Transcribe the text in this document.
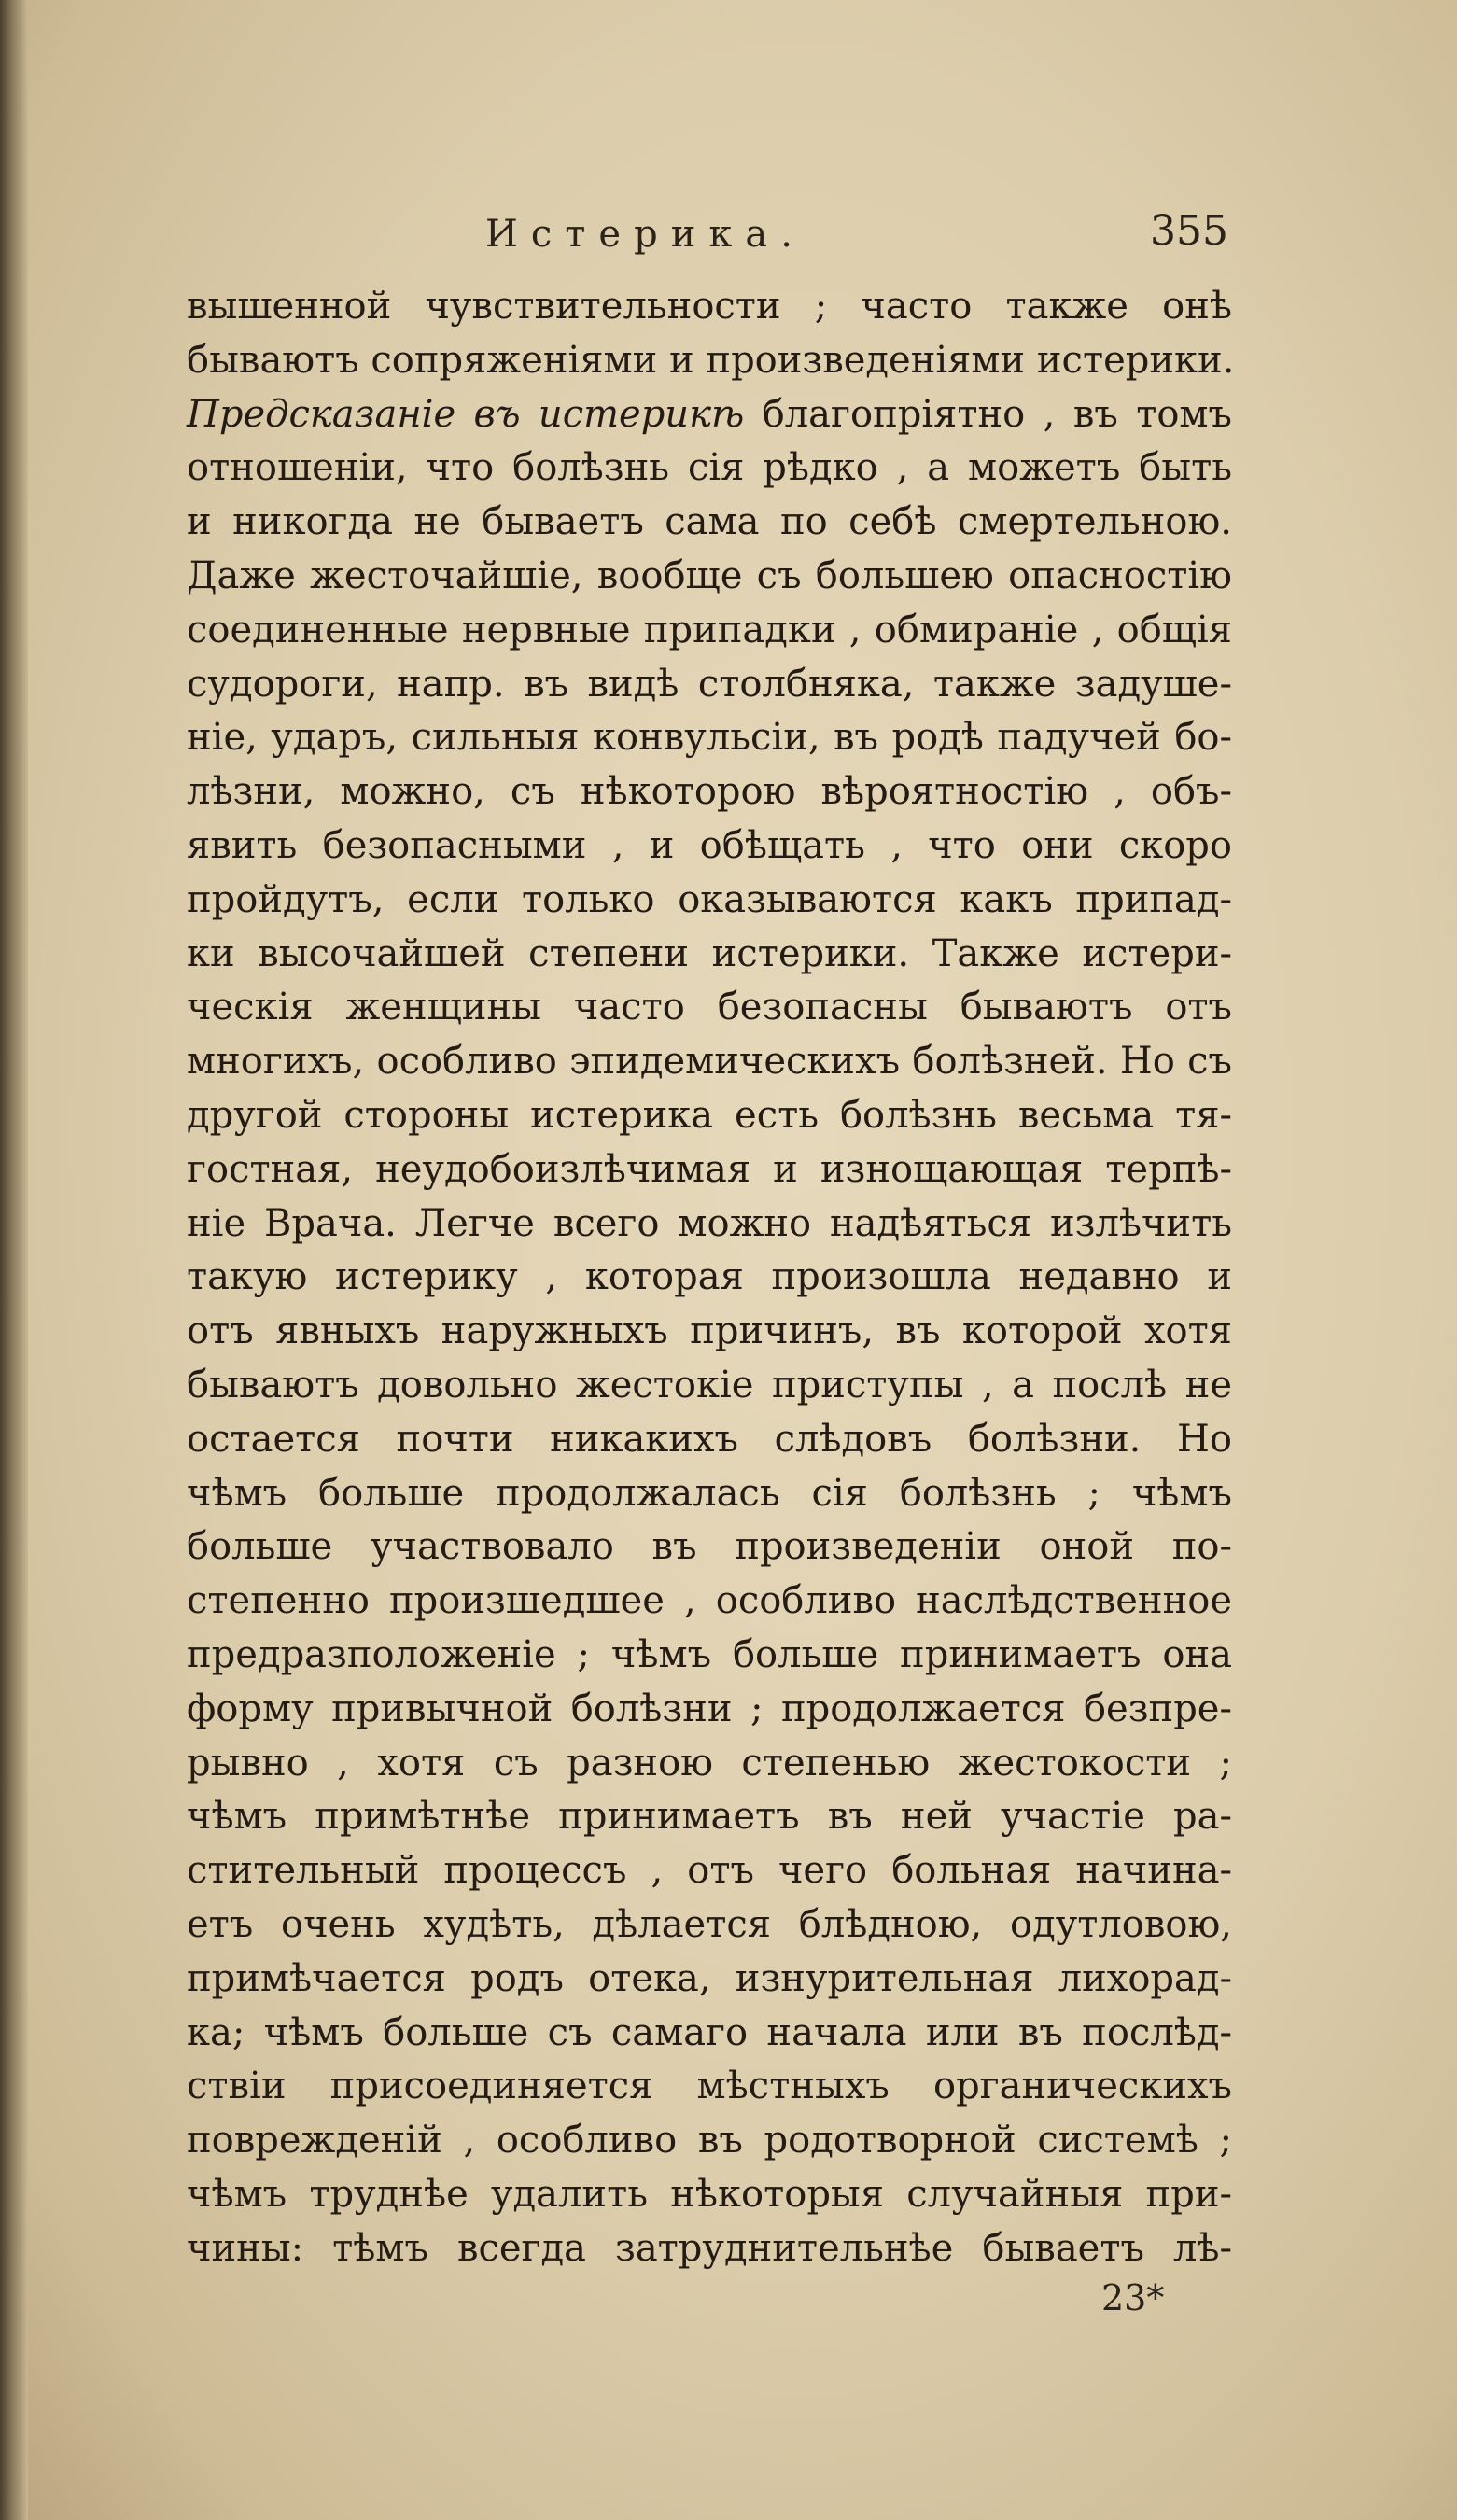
Истерика.	355
вышенной чувствительности ; часто также онѣ
бываютъ сопряженіями и произведеніями истерики.
Предсказаніе въ истерикѣ благопріятно , въ томъ
отношеніи, что болѣзнь сія рѣдко , а можетъ быть
и никогда не бываетъ сама по себѣ смертельною.
Даже жесточайшіе, вообще съ большею опасностію
соединенные нервные припадки , обмираніе , общія
судороги, напр. въ видѣ столбняка, также задуше-
ніе, ударъ, сильныя конвульсіи, въ родѣ падучей бо-
лѣзни, можно, съ нѣкоторою вѣроятностію , объ-
явить безопасными , и обѣщать , что они скоро
пройдутъ, если только оказываются какъ припад-
ки высочайшей степени истерики. Также истери-
ческія женщины часто безопасны бываютъ отъ
многихъ, особливо эпидемическихъ болѣзней. Но съ
другой стороны истерика есть болѣзнь весьма тя-
гостная, неудобоизлѣчимая и изнощающая терпѣ-
ніе Врача. Легче всего можно надѣяться излѣчить
такую истерику , которая произошла недавно и
отъ явныхъ наружныхъ причинъ, въ которой хотя
бываютъ довольно жестокіе приступы , а послѣ не
остается почти никакихъ слѣдовъ болѣзни. Но
чѣмъ больше продолжалась сія болѣзнь ; чѣмъ
больше участвовало въ произведеніи оной по-
степенно произшедшее , особливо наслѣдственное
предразположеніе ; чѣмъ больше принимаетъ она
форму привычной болѣзни ; продолжается безпре-
рывно , хотя съ разною степенью жестокости ;
чѣмъ примѣтнѣе принимаетъ въ ней участіе ра-
стительный процессъ , отъ чего больная начина-
етъ очень худѣть, дѣлается блѣдною, одутловою,
примѣчается родъ отека, изнурительная лихорад-
ка; чѣмъ больше съ самаго начала или въ послѣд-
ствіи присоединяется мѣстныхъ органическихъ
поврежденій , особливо въ родотворной системѣ ;
чѣмъ труднѣе удалить нѣкоторыя случайныя при-
чины: тѣмъ всегда затруднительнѣе бываетъ лѣ-
23*
